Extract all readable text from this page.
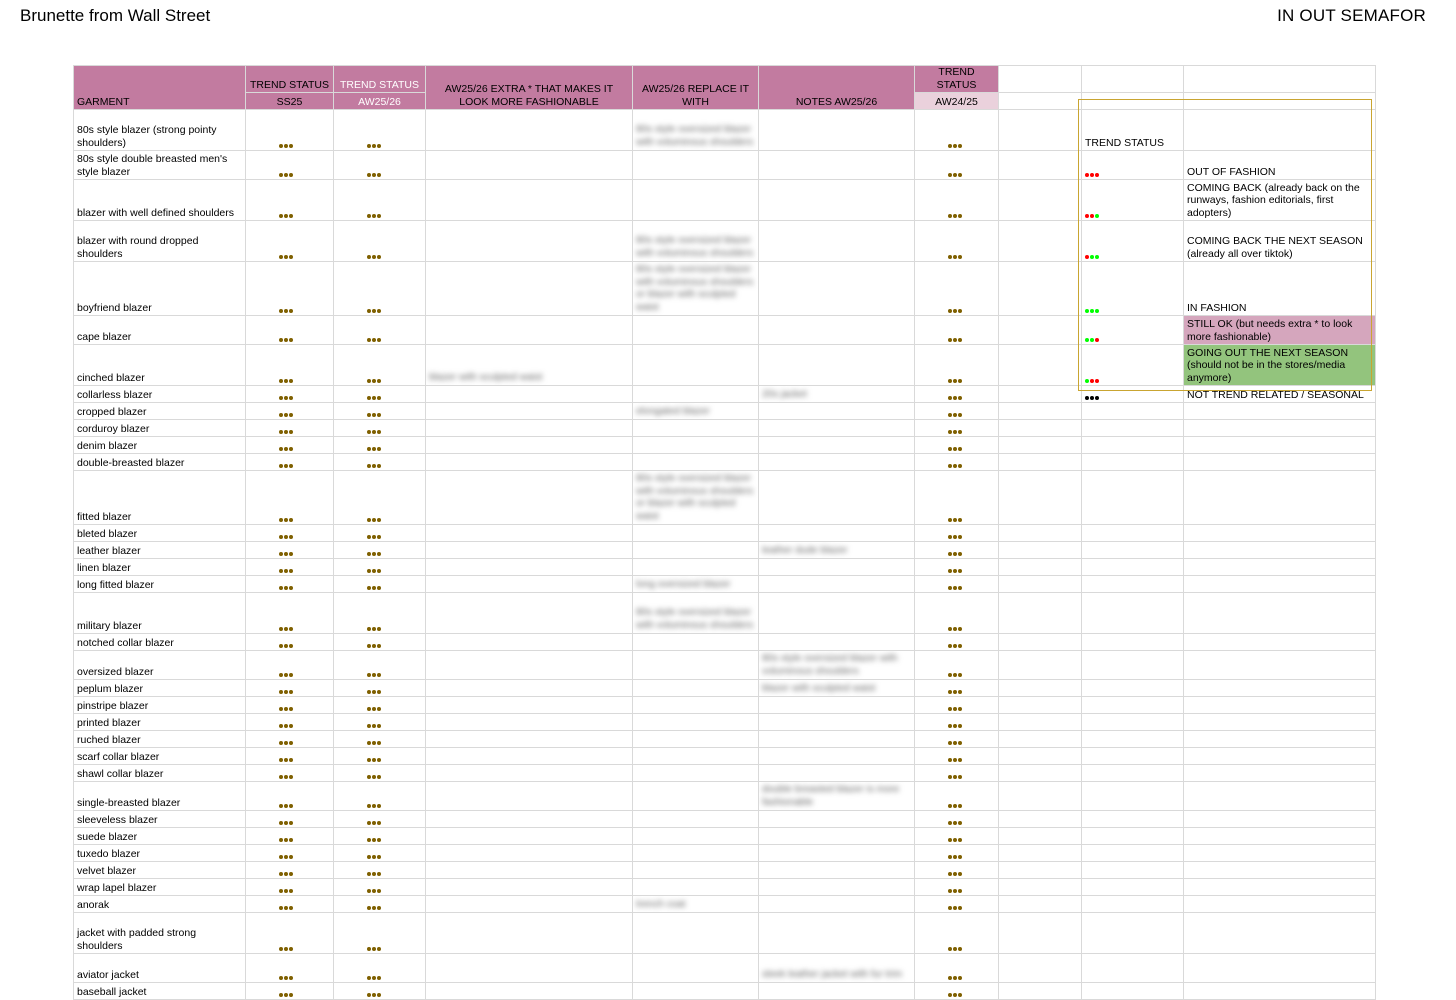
Brunette from Wall Street	IN OUT SEMAFOR
GARMENT	TREND STATUS	TREND STATUS	AW25/26 EXTRA * THAT MAKES IT LOOK MORE FASHIONABLE	AW25/26 REPLACE IT WITH	NOTES AW25/26	TREND STATUS			
	SS25	AW25/26				AW24/25			
80s style blazer (strong pointy shoulders)				80s style oversized blazer with voluminous shoulders				TREND STATUS	
80s style double breasted men's style blazer									OUT OF FASHION
blazer with well defined shoulders									COMING BACK (already back on the runways, fashion editorials, first adopters)
blazer with round dropped shoulders				80s style oversized blazer with voluminous shoulders					COMING BACK THE NEXT SEASON (already all over tiktok)
boyfriend blazer				80s style oversized blazer with voluminous shoulders or blazer with sculpted waist					IN FASHION
cape blazer									STILL OK (but needs extra * to look more fashionable)
cinched blazer			blazer with sculpted waist						GOING OUT THE NEXT SEASON (should not be in the stores/media anymore)
collarless blazer					20s jacket				NOT TREND RELATED / SEASONAL
cropped blazer				elongated blazer					

corduroy blazer	

denim blazer	

double-breasted blazer	

fitted blazer				80s style oversized blazer with voluminous shoulders or blazer with sculpted waist					

bleted blazer	

leather blazer					leather dude blazer				

linen blazer	

long fitted blazer				long oversized blazer					

military blazer				80s style oversized blazer with voluminous shoulders					

notched collar blazer	

oversized blazer					80s style oversized blazer with voluminous shoulders				

peplum blazer					blazer with sculpted waist				

pinstripe blazer	

printed blazer	

ruched blazer	

scarf collar blazer	

shawl collar blazer	

single-breasted blazer					double breasted blazer is more fashionable				

sleeveless blazer	

suede blazer	

tuxedo blazer	

velvet blazer	

wrap lapel blazer	

anorak				trench coat					

jacket with padded strong shoulders	

aviator jacket					sleek leather jacket with fur trim				

baseball jacket	
